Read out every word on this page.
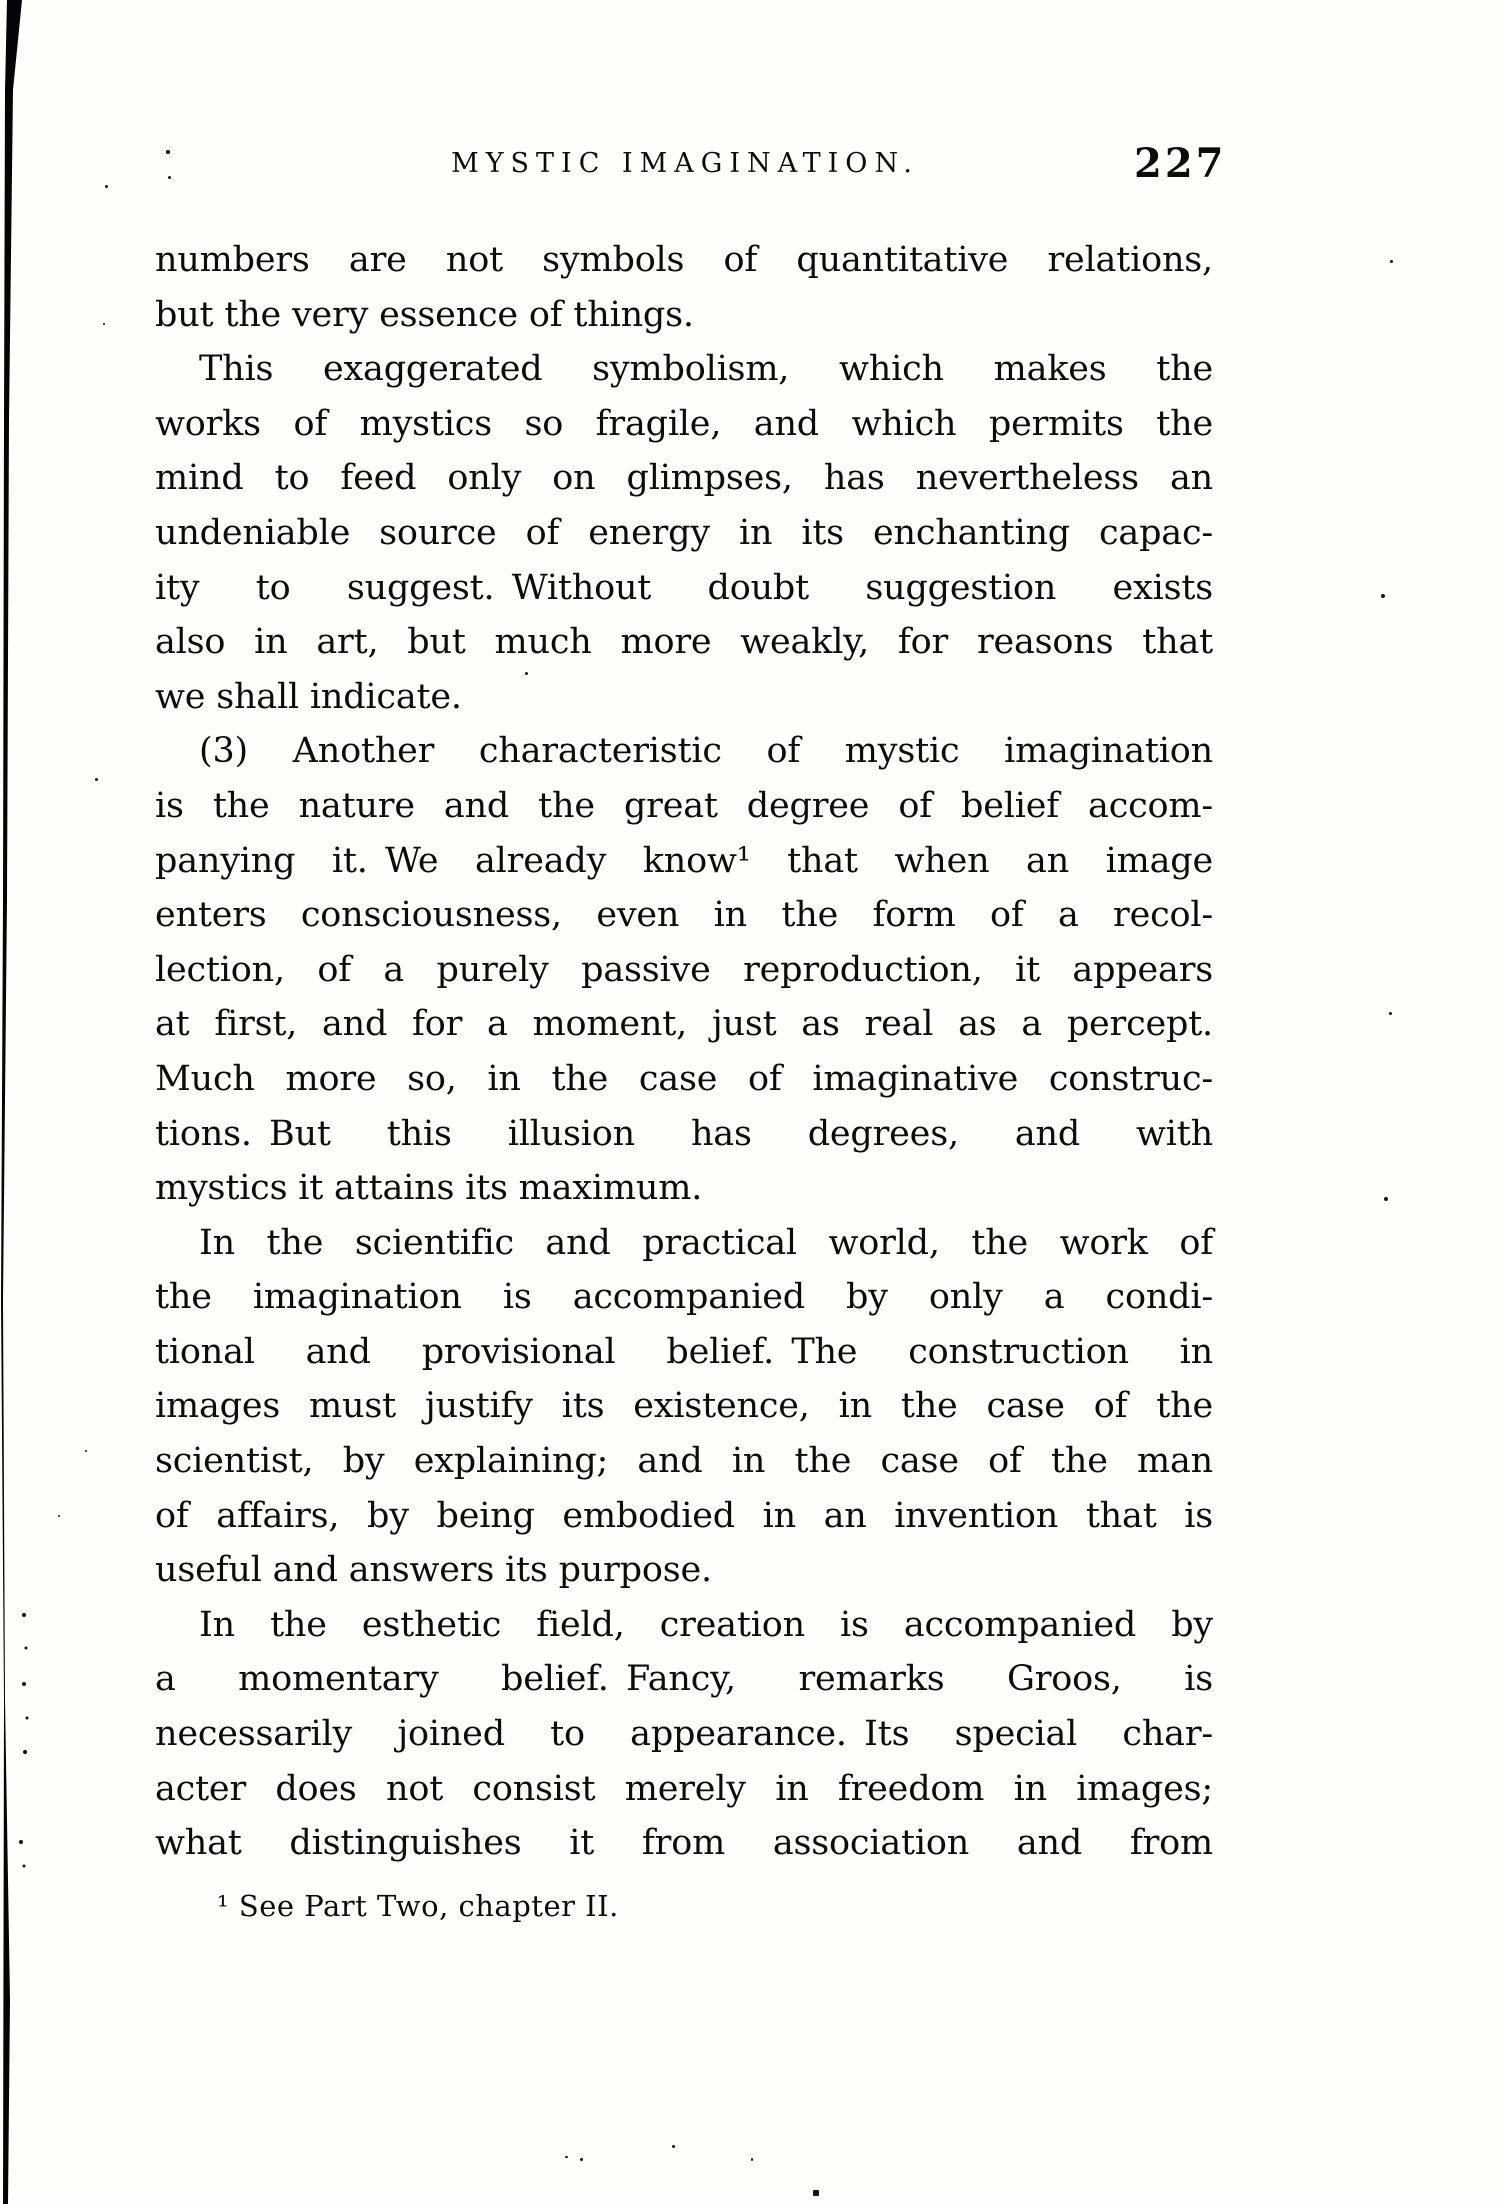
MYSTIC IMAGINATION.	227
numbers are not symbols of quantitative relations,
but the very essence of things.
This exaggerated symbolism, which makes the
works of mystics so fragile, and which permits the
mind to feed only on glimpses, has nevertheless an
undeniable source of energy in its enchanting capac-
ity to suggest. Without doubt suggestion exists
also in art, but much more weakly, for reasons that
we shall indicate.
(3) Another characteristic of mystic imagination
is the nature and the great degree of belief accom-
panying it. We already know¹ that when an image
enters consciousness, even in the form of a recol-
lection, of a purely passive reproduction, it appears
at first, and for a moment, just as real as a percept.
Much more so, in the case of imaginative construc-
tions. But this illusion has degrees, and with
mystics it attains its maximum.
In the scientific and practical world, the work of
the imagination is accompanied by only a condi-
tional and provisional belief. The construction in
images must justify its existence, in the case of the
scientist, by explaining; and in the case of the man
of affairs, by being embodied in an invention that is
useful and answers its purpose.
In the esthetic field, creation is accompanied by
a momentary belief. Fancy, remarks Groos, is
necessarily joined to appearance. Its special char-
acter does not consist merely in freedom in images;
what distinguishes it from association and from
¹ See Part Two, chapter II.
